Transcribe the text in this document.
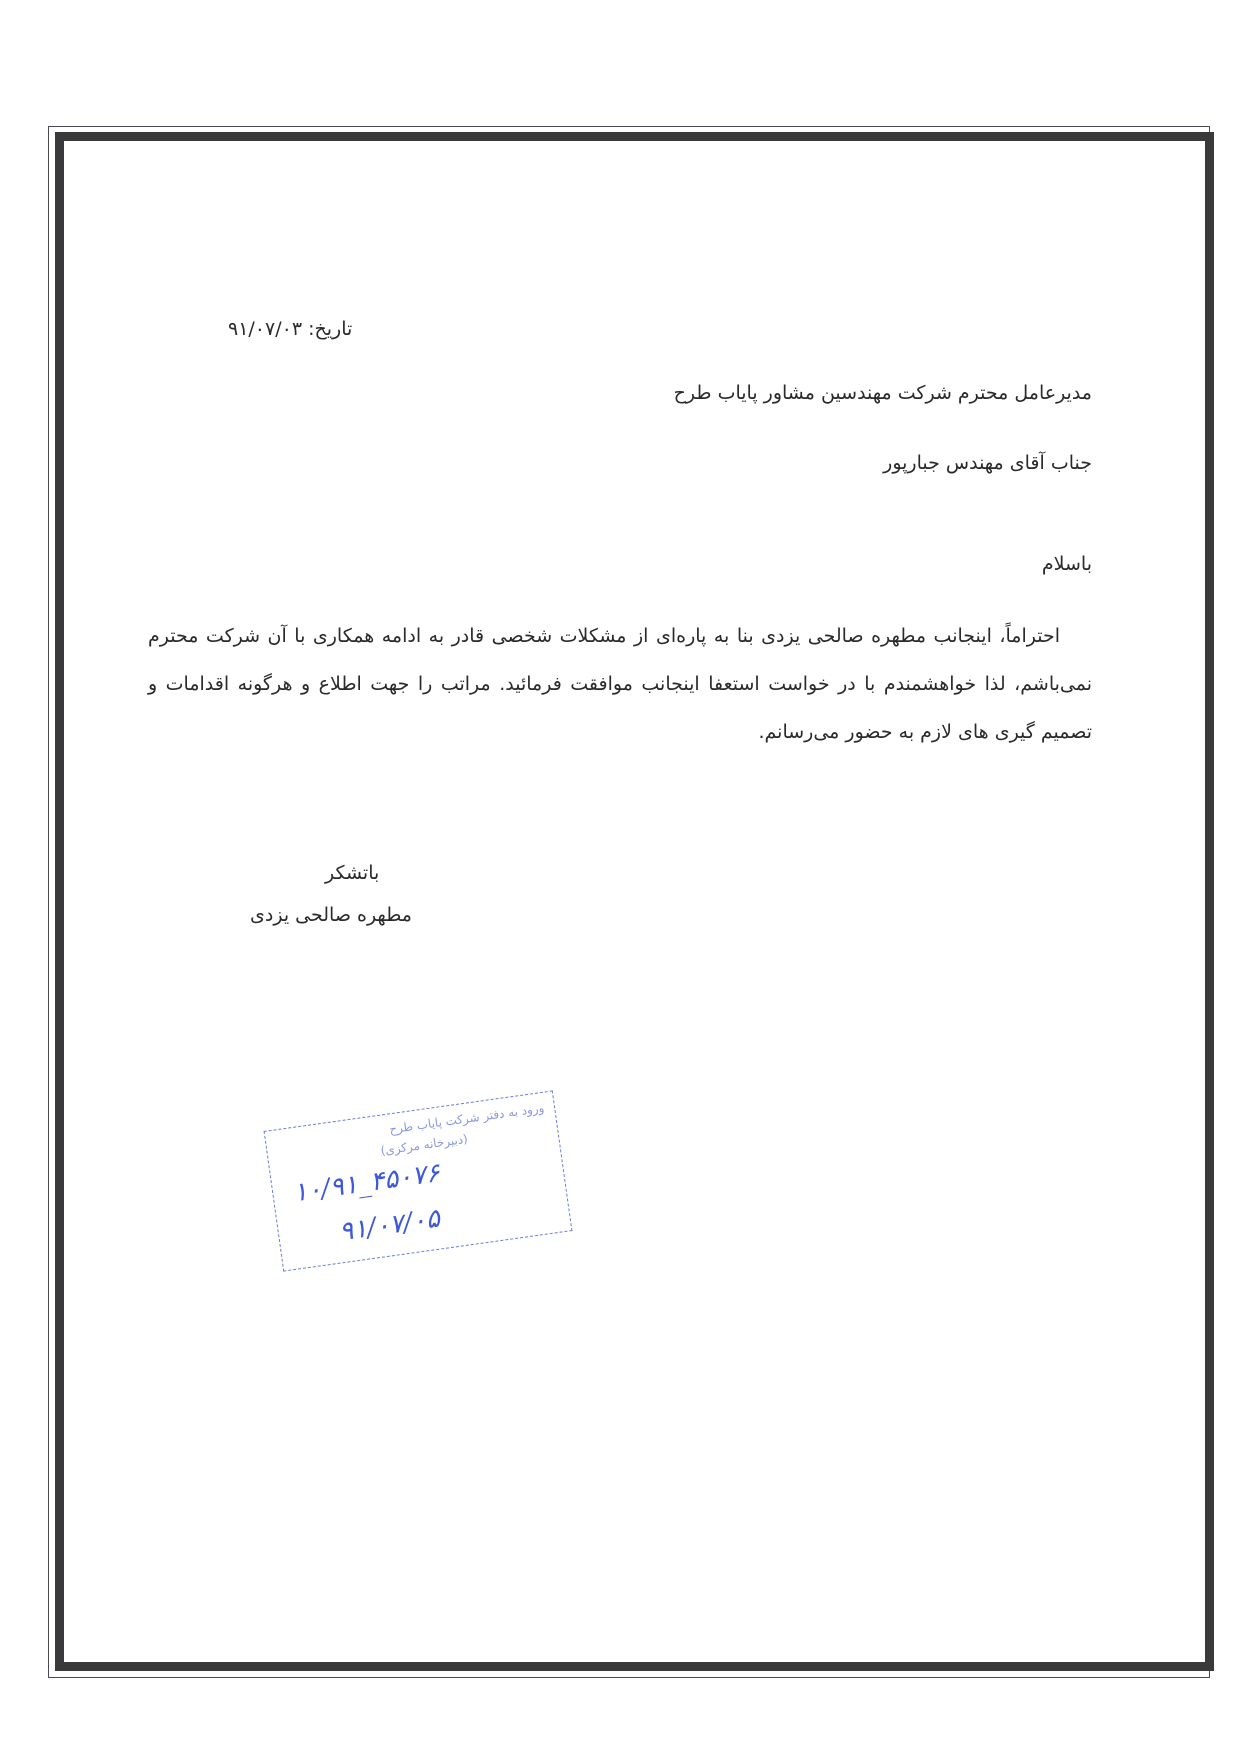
تاریخ: ۹۱/۰۷/۰۳
مدیرعامل محترم شرکت مهندسین مشاور پایاب طرح
جناب آقای مهندس جبارپور
باسلام
احتراماً، اینجانب مطهره صالحی یزدی بنا به پاره‌ای از مشکلات شخصی قادر به ادامه همکاری با آن شرکت محترم نمی‌باشم، لذا خواهشمندم با در خواست استعفا اینجانب موافقت فرمائید. مراتب را جهت اطلاع و هرگونه اقدامات و تصمیم گیری های لازم به حضور می‌رسانم.
باتشکر
مطهره صالحی یزدی
ورود به دفتر شرکت پایاب طرح
(دبیرخانه مرکزی)
۱۰/۹۱_۴۵۰۷۶
۹۱/۰۷/۰۵
